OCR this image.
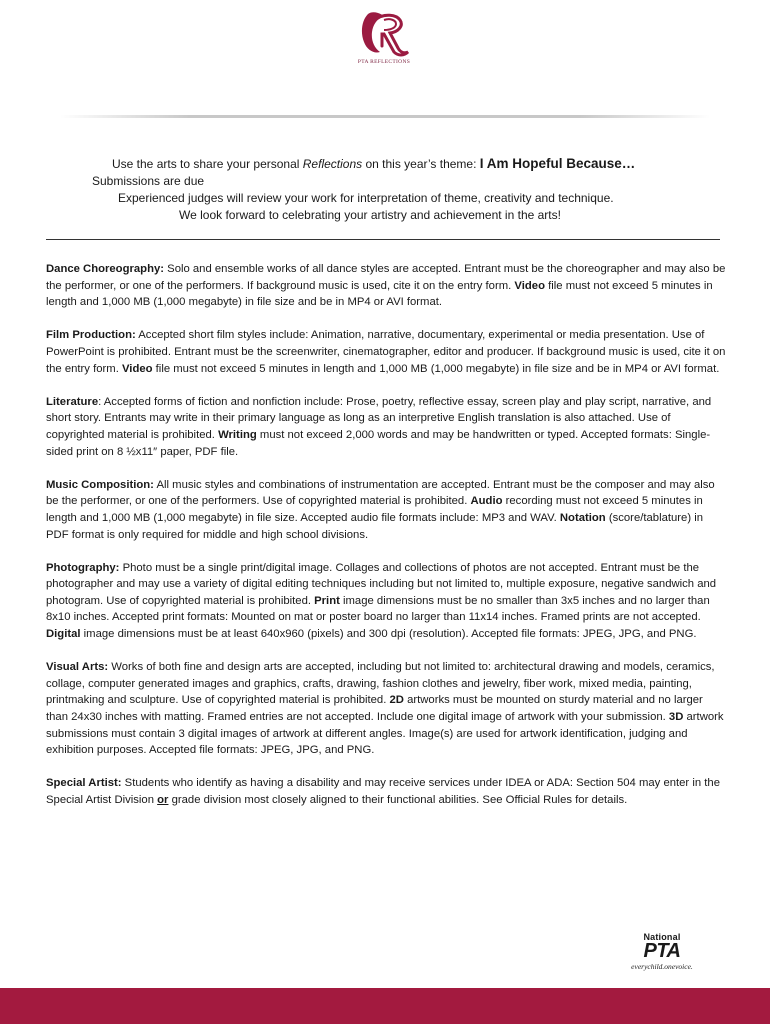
PTA REFLECTIONS
Use the arts to share your personal Reflections on this year’s theme: I Am Hopeful Because…
Submissions are due
Experienced judges will review your work for interpretation of theme, creativity and technique.
We look forward to celebrating your artistry and achievement in the arts!
Dance Choreography: Solo and ensemble works of all dance styles are accepted. Entrant must be the choreographer and may also be the performer, or one of the performers. If background music is used, cite it on the entry form. Video file must not exceed 5 minutes in length and 1,000 MB (1,000 megabyte) in file size and be in MP4 or AVI format.
Film Production: Accepted short film styles include: Animation, narrative, documentary, experimental or media presentation. Use of PowerPoint is prohibited. Entrant must be the screenwriter, cinematographer, editor and producer. If background music is used, cite it on the entry form. Video file must not exceed 5 minutes in length and 1,000 MB (1,000 megabyte) in file size and be in MP4 or AVI format.
Literature: Accepted forms of fiction and nonfiction include: Prose, poetry, reflective essay, screen play and play script, narrative, and short story. Entrants may write in their primary language as long as an interpretive English translation is also attached. Use of copyrighted material is prohibited. Writing must not exceed 2,000 words and may be handwritten or typed. Accepted formats: Single-sided print on 8 ½x11″ paper, PDF file.
Music Composition: All music styles and combinations of instrumentation are accepted. Entrant must be the composer and may also be the performer, or one of the performers. Use of copyrighted material is prohibited. Audio recording must not exceed 5 minutes in length and 1,000 MB (1,000 megabyte) in file size. Accepted audio file formats include: MP3 and WAV. Notation (score/tablature) in PDF format is only required for middle and high school divisions.
Photography: Photo must be a single print/digital image. Collages and collections of photos are not accepted. Entrant must be the photographer and may use a variety of digital editing techniques including but not limited to, multiple exposure, negative sandwich and photogram. Use of copyrighted material is prohibited. Print image dimensions must be no smaller than 3x5 inches and no larger than 8x10 inches. Accepted print formats: Mounted on mat or poster board no larger than 11x14 inches. Framed prints are not accepted. Digital image dimensions must be at least 640x960 (pixels) and 300 dpi (resolution). Accepted file formats: JPEG, JPG, and PNG.
Visual Arts: Works of both fine and design arts are accepted, including but not limited to: architectural drawing and models, ceramics, collage, computer generated images and graphics, crafts, drawing, fashion clothes and jewelry, fiber work, mixed media, painting, printmaking and sculpture. Use of copyrighted material is prohibited. 2D artworks must be mounted on sturdy material and no larger than 24x30 inches with matting. Framed entries are not accepted. Include one digital image of artwork with your submission. 3D artwork submissions must contain 3 digital images of artwork at different angles. Image(s) are used for artwork identification, judging and exhibition purposes. Accepted file formats: JPEG, JPG, and PNG.
Special Artist: Students who identify as having a disability and may receive services under IDEA or ADA: Section 504 may enter in the Special Artist Division or grade division most closely aligned to their functional abilities. See Official Rules for details.
National
PTA
everychild.onevoice.
